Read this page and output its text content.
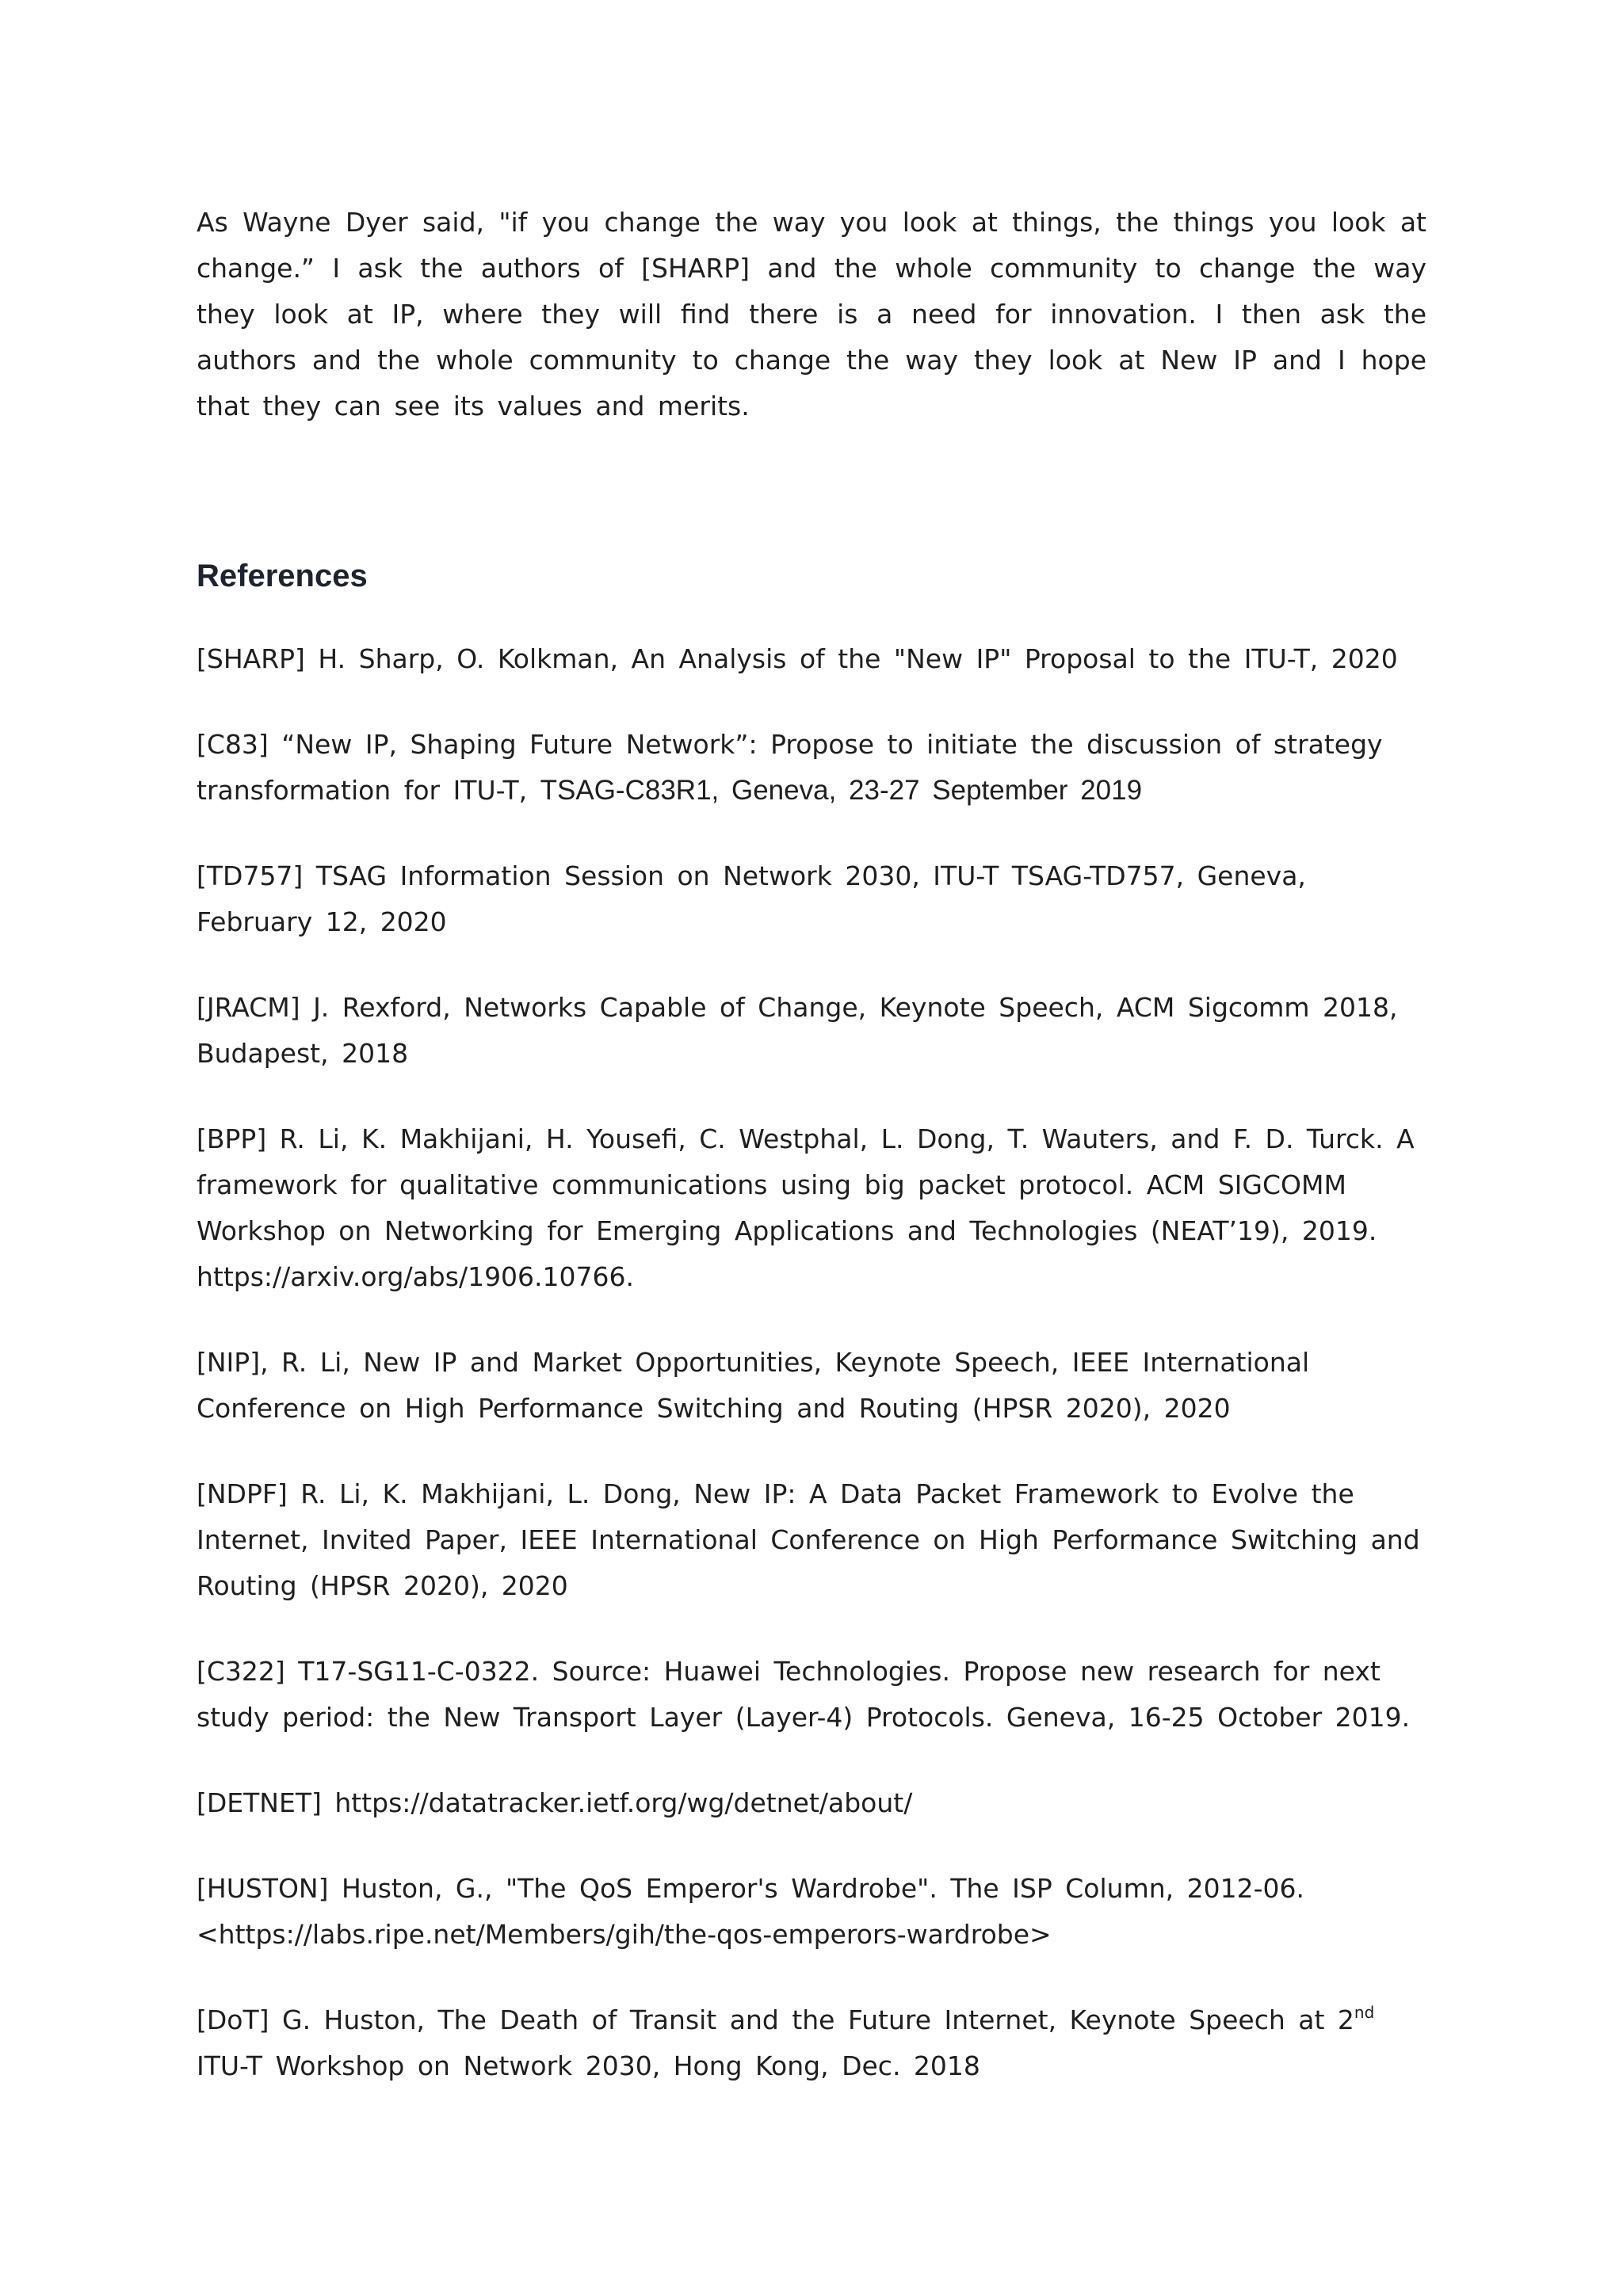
As Wayne Dyer said, "if you change the way you look at things, the things you look at change.” I ask the authors of [SHARP] and the whole community to change the way they look at IP, where they will find there is a need for innovation. I then ask the authors and the whole community to change the way they look at New IP and I hope that they can see its values and merits.

References

[SHARP] H. Sharp, O. Kolkman, An Analysis of the "New IP" Proposal to the ITU-T, 2020

[C83] “New IP, Shaping Future Network”: Propose to initiate the discussion of strategy transformation for ITU-T, TSAG-C83R1, Geneva, 23-27 September 2019

[TD757] TSAG Information Session on Network 2030, ITU-T TSAG-TD757, Geneva, February 12, 2020

[JRACM] J. Rexford, Networks Capable of Change, Keynote Speech, ACM Sigcomm 2018, Budapest, 2018

[BPP] R. Li, K. Makhijani, H. Yousefi, C. Westphal, L. Dong, T. Wauters, and F. D. Turck. A framework for qualitative communications using big packet protocol. ACM SIGCOMM Workshop on Networking for Emerging Applications and Technologies (NEAT’19), 2019. https://arxiv.org/abs/1906.10766.

[NIP], R. Li, New IP and Market Opportunities, Keynote Speech, IEEE International Conference on High Performance Switching and Routing (HPSR 2020), 2020

[NDPF] R. Li, K. Makhijani, L. Dong, New IP: A Data Packet Framework to Evolve the Internet, Invited Paper, IEEE International Conference on High Performance Switching and Routing (HPSR 2020), 2020

[C322] T17-SG11-C-0322. Source: Huawei Technologies. Propose new research for next study period: the New Transport Layer (Layer-4) Protocols. Geneva, 16-25 October 2019.

[DETNET] https://datatracker.ietf.org/wg/detnet/about/

[HUSTON] Huston, G., "The QoS Emperor's Wardrobe". The ISP Column, 2012-06. <https://labs.ripe.net/Members/gih/the-qos-emperors-wardrobe>

[DoT] G. Huston, The Death of Transit and the Future Internet, Keynote Speech at 2nd ITU-T Workshop on Network 2030, Hong Kong, Dec. 2018
